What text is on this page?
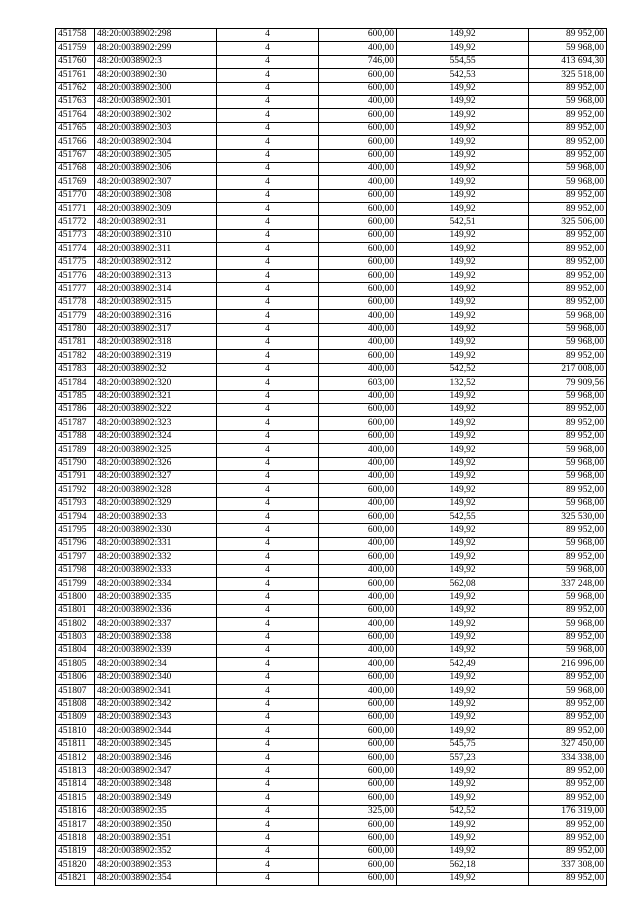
451758	48:20:0038902:298	4	600,00	149,92	89 952,00
451759	48:20:0038902:299	4	400,00	149,92	59 968,00
451760	48:20:0038902:3	4	746,00	554,55	413 694,30
451761	48:20:0038902:30	4	600,00	542,53	325 518,00
451762	48:20:0038902:300	4	600,00	149,92	89 952,00
451763	48:20:0038902:301	4	400,00	149,92	59 968,00
451764	48:20:0038902:302	4	600,00	149,92	89 952,00
451765	48:20:0038902:303	4	600,00	149,92	89 952,00
451766	48:20:0038902:304	4	600,00	149,92	89 952,00
451767	48:20:0038902:305	4	600,00	149,92	89 952,00
451768	48:20:0038902:306	4	400,00	149,92	59 968,00
451769	48:20:0038902:307	4	400,00	149,92	59 968,00
451770	48:20:0038902:308	4	600,00	149,92	89 952,00
451771	48:20:0038902:309	4	600,00	149,92	89 952,00
451772	48:20:0038902:31	4	600,00	542,51	325 506,00
451773	48:20:0038902:310	4	600,00	149,92	89 952,00
451774	48:20:0038902:311	4	600,00	149,92	89 952,00
451775	48:20:0038902:312	4	600,00	149,92	89 952,00
451776	48:20:0038902:313	4	600,00	149,92	89 952,00
451777	48:20:0038902:314	4	600,00	149,92	89 952,00
451778	48:20:0038902:315	4	600,00	149,92	89 952,00
451779	48:20:0038902:316	4	400,00	149,92	59 968,00
451780	48:20:0038902:317	4	400,00	149,92	59 968,00
451781	48:20:0038902:318	4	400,00	149,92	59 968,00
451782	48:20:0038902:319	4	600,00	149,92	89 952,00
451783	48:20:0038902:32	4	400,00	542,52	217 008,00
451784	48:20:0038902:320	4	603,00	132,52	79 909,56
451785	48:20:0038902:321	4	400,00	149,92	59 968,00
451786	48:20:0038902:322	4	600,00	149,92	89 952,00
451787	48:20:0038902:323	4	600,00	149,92	89 952,00
451788	48:20:0038902:324	4	600,00	149,92	89 952,00
451789	48:20:0038902:325	4	400,00	149,92	59 968,00
451790	48:20:0038902:326	4	400,00	149,92	59 968,00
451791	48:20:0038902:327	4	400,00	149,92	59 968,00
451792	48:20:0038902:328	4	600,00	149,92	89 952,00
451793	48:20:0038902:329	4	400,00	149,92	59 968,00
451794	48:20:0038902:33	4	600,00	542,55	325 530,00
451795	48:20:0038902:330	4	600,00	149,92	89 952,00
451796	48:20:0038902:331	4	400,00	149,92	59 968,00
451797	48:20:0038902:332	4	600,00	149,92	89 952,00
451798	48:20:0038902:333	4	400,00	149,92	59 968,00
451799	48:20:0038902:334	4	600,00	562,08	337 248,00
451800	48:20:0038902:335	4	400,00	149,92	59 968,00
451801	48:20:0038902:336	4	600,00	149,92	89 952,00
451802	48:20:0038902:337	4	400,00	149,92	59 968,00
451803	48:20:0038902:338	4	600,00	149,92	89 952,00
451804	48:20:0038902:339	4	400,00	149,92	59 968,00
451805	48:20:0038902:34	4	400,00	542,49	216 996,00
451806	48:20:0038902:340	4	600,00	149,92	89 952,00
451807	48:20:0038902:341	4	400,00	149,92	59 968,00
451808	48:20:0038902:342	4	600,00	149,92	89 952,00
451809	48:20:0038902:343	4	600,00	149,92	89 952,00
451810	48:20:0038902:344	4	600,00	149,92	89 952,00
451811	48:20:0038902:345	4	600,00	545,75	327 450,00
451812	48:20:0038902:346	4	600,00	557,23	334 338,00
451813	48:20:0038902:347	4	600,00	149,92	89 952,00
451814	48:20:0038902:348	4	600,00	149,92	89 952,00
451815	48:20:0038902:349	4	600,00	149,92	89 952,00
451816	48:20:0038902:35	4	325,00	542,52	176 319,00
451817	48:20:0038902:350	4	600,00	149,92	89 952,00
451818	48:20:0038902:351	4	600,00	149,92	89 952,00
451819	48:20:0038902:352	4	600,00	149,92	89 952,00
451820	48:20:0038902:353	4	600,00	562,18	337 308,00
451821	48:20:0038902:354	4	600,00	149,92	89 952,00
